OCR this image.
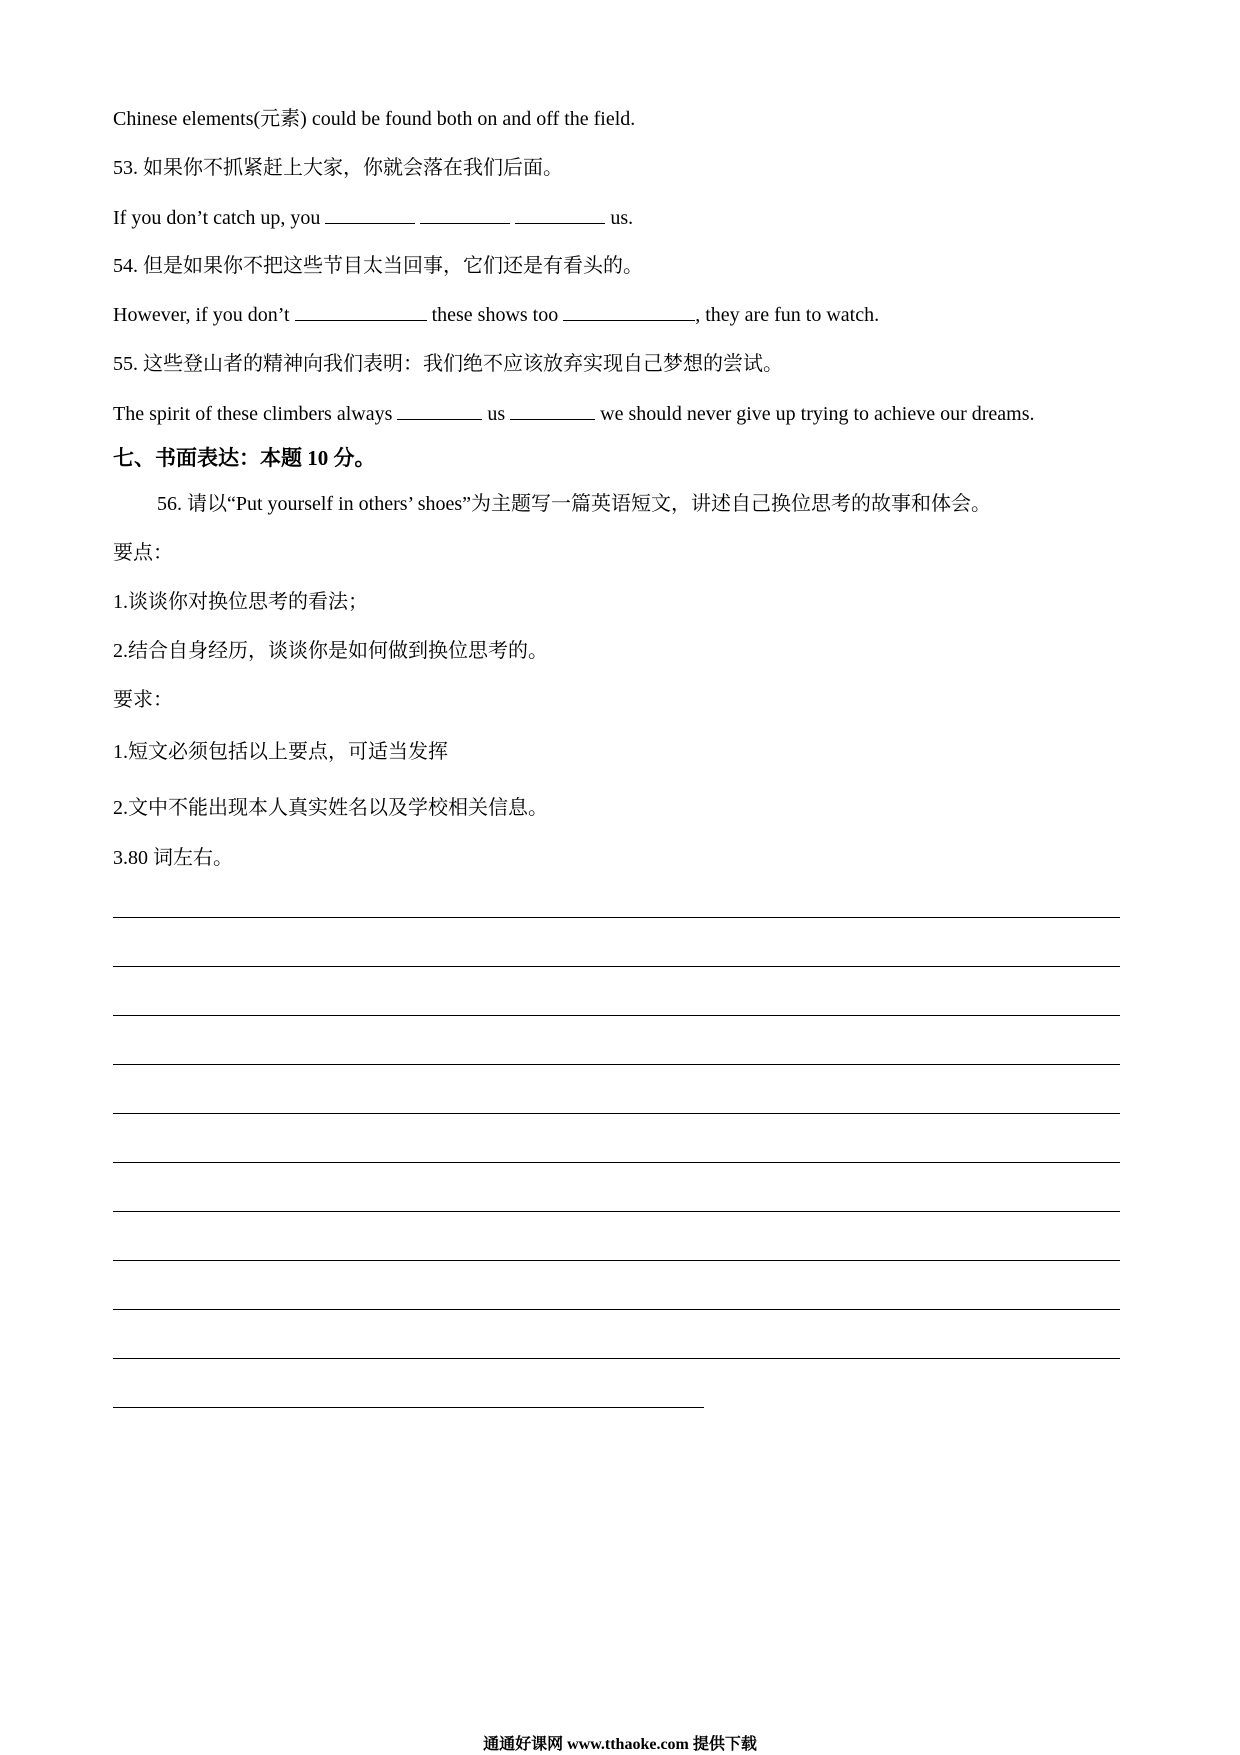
Chinese elements(元素) could be found both on and off the field.
53. 如果你不抓紧赶上大家，你就会落在我们后面。
If you don’t catch up, you	us.
54. 但是如果你不把这些节目太当回事，它们还是有看头的。
However, if you don’t	these shows too	, they are fun to watch.
55. 这些登山者的精神向我们表明：我们绝不应该放弃实现自己梦想的尝试。
The spirit of these climbers always	us	we should never give up trying to achieve our dreams.
七、书面表达：本题 10 分。
56. 请以“Put yourself in others’ shoes”为主题写一篇英语短文，讲述自己换位思考的故事和体会。
要点：
1.谈谈你对换位思考的看法；
2.结合自身经历，谈谈你是如何做到换位思考的。
要求：
1.短文必须包括以上要点，可适当发挥
2.文中不能出现本人真实姓名以及学校相关信息。
3.80 词左右。
通通好课网 www.tthaoke.com 提供下载
